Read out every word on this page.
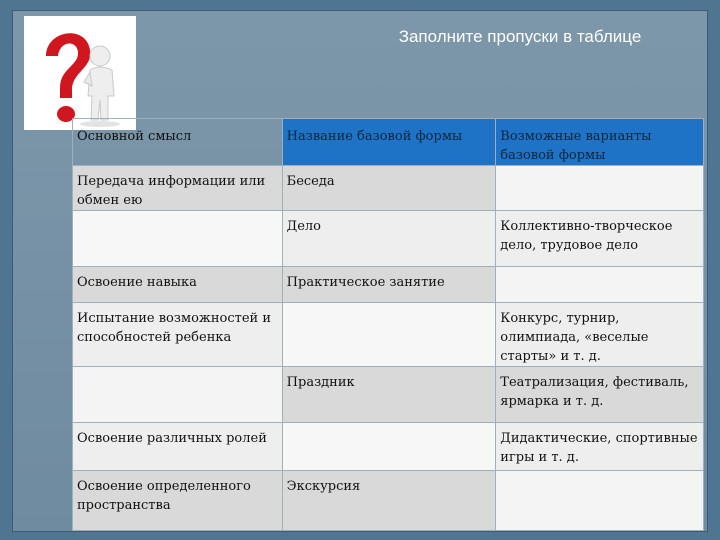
Заполните пропуски в таблице
Основной смысл	Название базовой формы	Возможные варианты базовой формы
Передача информации или обмен ею	Беседа	
	Дело	Коллективно-творческое дело, трудовое дело
Освоение навыка	Практическое занятие	
Испытание возможностей и способностей ребенка		Конкурс, турнир, олимпиада, «веселые старты» и т. д.
	Праздник	Театрализация, фестиваль, ярмарка и т. д.
Освоение различных ролей		Дидактические, спортивные игры и т. д.
Освоение определенного пространства	Экскурсия	
